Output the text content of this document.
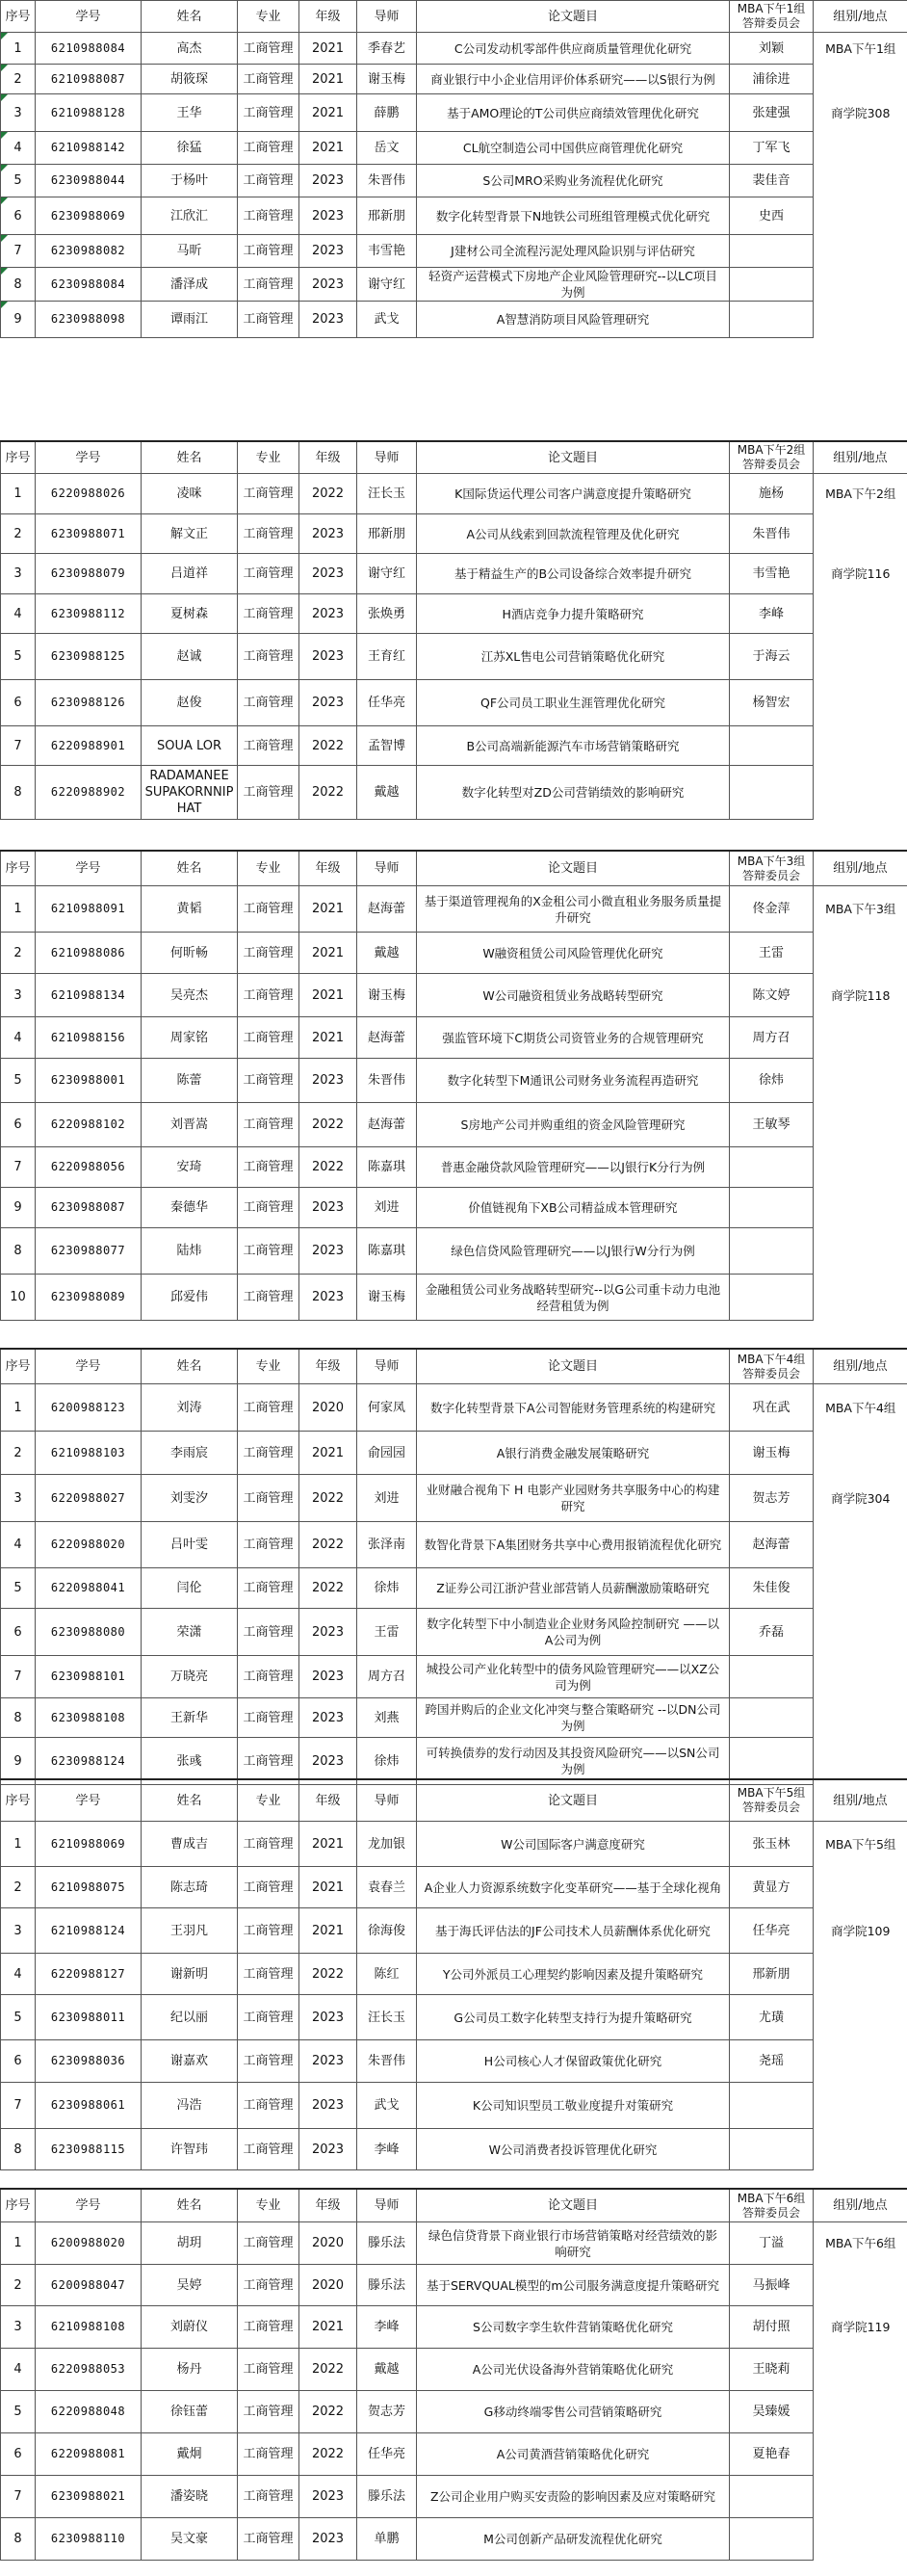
序号	学号	姓名	专业	年级	导师	论文题目	MBA下午1组答辩委员会	组别/地点
1	6210988084	高杰	工商管理	2021	季春艺	C公司发动机零部件供应商质量管理优化研究	刘颖	MBA下午1组
2	6210988087	胡筱琛	工商管理	2021	谢玉梅	商业银行中小企业信用评价体系研究——以S银行为例	浦徐进	
3	6210988128	王华	工商管理	2021	薛鹏	基于AMO理论的T公司供应商绩效管理优化研究	张建强	商学院308
4	6210988142	徐猛	工商管理	2021	岳文	CL航空制造公司中国供应商管理优化研究	丁军飞	
5	6230988044	于杨叶	工商管理	2023	朱晋伟	S公司MRO采购业务流程优化研究	裴佳音	
6	6230988069	江欣汇	工商管理	2023	邢新朋	数字化转型背景下N地铁公司班组管理模式优化研究	史西	
7	6230988082	马昕	工商管理	2023	韦雪艳	J建材公司全流程污泥处理风险识别与评估研究		
8	6230988084	潘泽成	工商管理	2023	谢守红	轻资产运营模式下房地产企业风险管理研究--以LC项目为例		
9	6230988098	谭雨江	工商管理	2023	武戈	A智慧消防项目风险管理研究		
序号	学号	姓名	专业	年级	导师	论文题目	MBA下午2组答辩委员会	组别/地点
1	6220988026	凌咪	工商管理	2022	汪长玉	K国际货运代理公司客户满意度提升策略研究	施杨	MBA下午2组
2	6230988071	解文正	工商管理	2023	邢新朋	A公司从线索到回款流程管理及优化研究	朱晋伟	
3	6230988079	吕道祥	工商管理	2023	谢守红	基于精益生产的B公司设备综合效率提升研究	韦雪艳	商学院116
4	6230988112	夏树森	工商管理	2023	张焕勇	H酒店竞争力提升策略研究	李峰	
5	6230988125	赵诚	工商管理	2023	王育红	江苏XL售电公司营销策略优化研究	于海云	
6	6230988126	赵俊	工商管理	2023	任华亮	QF公司员工职业生涯管理优化研究	杨智宏	
7	6220988901	SOUA LOR	工商管理	2022	孟智博	B公司高端新能源汽车市场营销策略研究		
8	6220988902	RADAMANEE SUPAKORNNIPHAT	工商管理	2022	戴越	数字化转型对ZD公司营销绩效的影响研究		
序号	学号	姓名	专业	年级	导师	论文题目	MBA下午3组答辩委员会	组别/地点
1	6210988091	黄韬	工商管理	2021	赵海蕾	基于渠道管理视角的X金租公司小微直租业务服务质量提升研究	佟金萍	MBA下午3组
2	6210988086	何昕畅	工商管理	2021	戴越	W融资租赁公司风险管理优化研究	王雷	
3	6210988134	吴亮杰	工商管理	2021	谢玉梅	W公司融资租赁业务战略转型研究	陈文婷	商学院118
4	6210988156	周家铭	工商管理	2021	赵海蕾	强监管环境下C期货公司资管业务的合规管理研究	周方召	
5	6230988001	陈蕾	工商管理	2023	朱晋伟	数字化转型下M通讯公司财务业务流程再造研究	徐炜	
6	6220988102	刘晋嵩	工商管理	2022	赵海蕾	S房地产公司并购重组的资金风险管理研究	王敏琴	
7	6220988056	安琦	工商管理	2022	陈嘉琪	普惠金融贷款风险管理研究——以J银行K分行为例		
9	6230988087	秦德华	工商管理	2023	刘进	价值链视角下XB公司精益成本管理研究		
8	6230988077	陆炜	工商管理	2023	陈嘉琪	绿色信贷风险管理研究——以J银行W分行为例		
10	6230988089	邱爱伟	工商管理	2023	谢玉梅	金融租赁公司业务战略转型研究--以G公司重卡动力电池经营租赁为例		
序号	学号	姓名	专业	年级	导师	论文题目	MBA下午4组答辩委员会	组别/地点
1	6200988123	刘涛	工商管理	2020	何家凤	数字化转型背景下A公司智能财务管理系统的构建研究	巩在武	MBA下午4组
2	6210988103	李雨宸	工商管理	2021	俞园园	A银行消费金融发展策略研究	谢玉梅	
3	6220988027	刘雯汐	工商管理	2022	刘进	业财融合视角下 H 电影产业园财务共享服务中心的构建研究	贺志芳	商学院304
4	6220988020	吕叶雯	工商管理	2022	张泽南	数智化背景下A集团财务共享中心费用报销流程优化研究	赵海蕾	
5	6220988041	闫伦	工商管理	2022	徐炜	Z证券公司江浙沪营业部营销人员薪酬激励策略研究	朱佳俊	
6	6230988080	荣潇	工商管理	2023	王雷	数字化转型下中小制造业企业财务风险控制研究 ——以A公司为例	乔磊	
7	6230988101	万晓亮	工商管理	2023	周方召	城投公司产业化转型中的债务风险管理研究——以XZ公司为例		
8	6230988108	王新华	工商管理	2023	刘燕	跨国并购后的企业文化冲突与整合策略研究 --以DN公司为例		
9	6230988124	张彧	工商管理	2023	徐炜	可转换债券的发行动因及其投资风险研究——以SN公司为例		
序号	学号	姓名	专业	年级	导师	论文题目	MBA下午5组答辩委员会	组别/地点
1	6210988069	曹成吉	工商管理	2021	龙加银	W公司国际客户满意度研究	张玉林	MBA下午5组
2	6210988075	陈志琦	工商管理	2021	袁春兰	A企业人力资源系统数字化变革研究——基于全球化视角	黄显方	
3	6210988124	王羽凡	工商管理	2021	徐海俊	基于海氏评估法的JF公司技术人员薪酬体系优化研究	任华亮	商学院109
4	6220988127	谢新明	工商管理	2022	陈红	Y公司外派员工心理契约影响因素及提升策略研究	邢新朋	
5	6230988011	纪以丽	工商管理	2023	汪长玉	G公司员工数字化转型支持行为提升策略研究	尤璜	
6	6230988036	谢嘉欢	工商管理	2023	朱晋伟	H公司核心人才保留政策优化研究	尧瑶	
7	6230988061	冯浩	工商管理	2023	武戈	K公司知识型员工敬业度提升对策研究		
8	6230988115	许智玮	工商管理	2023	李峰	W公司消费者投诉管理优化研究		
序号	学号	姓名	专业	年级	导师	论文题目	MBA下午6组答辩委员会	组别/地点
1	6200988020	胡玥	工商管理	2020	滕乐法	绿色信贷背景下商业银行市场营销策略对经营绩效的影响研究	丁溢	MBA下午6组
2	6200988047	吴婷	工商管理	2020	滕乐法	基于SERVQUAL模型的m公司服务满意度提升策略研究	马振峰	
3	6210988108	刘蔚仪	工商管理	2021	李峰	S公司数字孪生软件营销策略优化研究	胡付照	商学院119
4	6220988053	杨丹	工商管理	2022	戴越	A公司光伏设备海外营销策略优化研究	王晓莉	
5	6220988048	徐钰蕾	工商管理	2022	贺志芳	G移动终端零售公司营销策略研究	吴臻媛	
6	6220988081	戴炯	工商管理	2022	任华亮	A公司黄酒营销策略优化研究	夏艳春	
7	6230988021	潘姿晓	工商管理	2023	滕乐法	Z公司企业用户购买安责险的影响因素及应对策略研究		
8	6230988110	吴文豪	工商管理	2023	单鹏	M公司创新产品研发流程优化研究		
